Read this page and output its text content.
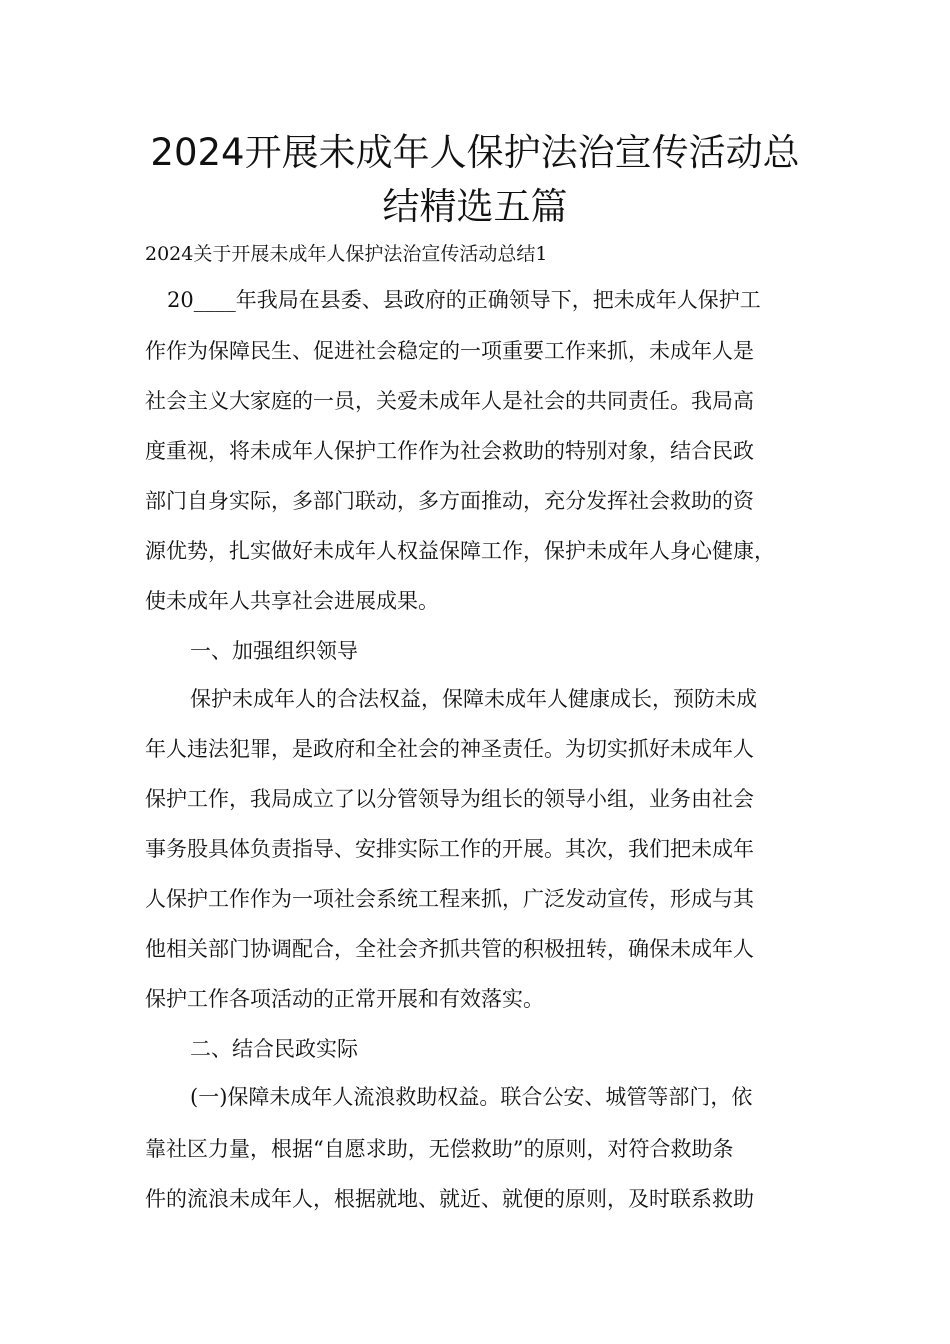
2024开展未成年人保护法治宣传活动总
结精选五篇

2024关于开展未成年人保护法治宣传活动总结1

20____年我局在县委、县政府的正确领导下，把未成年人保护工

作作为保障民生、促进社会稳定的一项重要工作来抓，未成年人是

社会主义大家庭的一员，关爱未成年人是社会的共同责任。我局高

度重视，将未成年人保护工作作为社会救助的特别对象，结合民政

部门自身实际，多部门联动，多方面推动，充分发挥社会救助的资

源优势，扎实做好未成年人权益保障工作，保护未成年人身心健康，

使未成年人共享社会进展成果。

一、加强组织领导

保护未成年人的合法权益，保障未成年人健康成长，预防未成

年人违法犯罪，是政府和全社会的神圣责任。为切实抓好未成年人

保护工作，我局成立了以分管领导为组长的领导小组，业务由社会

事务股具体负责指导、安排实际工作的开展。其次，我们把未成年

人保护工作作为一项社会系统工程来抓，广泛发动宣传，形成与其

他相关部门协调配合，全社会齐抓共管的积极扭转，确保未成年人

保护工作各项活动的正常开展和有效落实。

二、结合民政实际

(一)保障未成年人流浪救助权益。联合公安、城管等部门，依

靠社区力量，根据“自愿求助，无偿救助”的原则，对符合救助条

件的流浪未成年人，根据就地、就近、就便的原则，及时联系救助
